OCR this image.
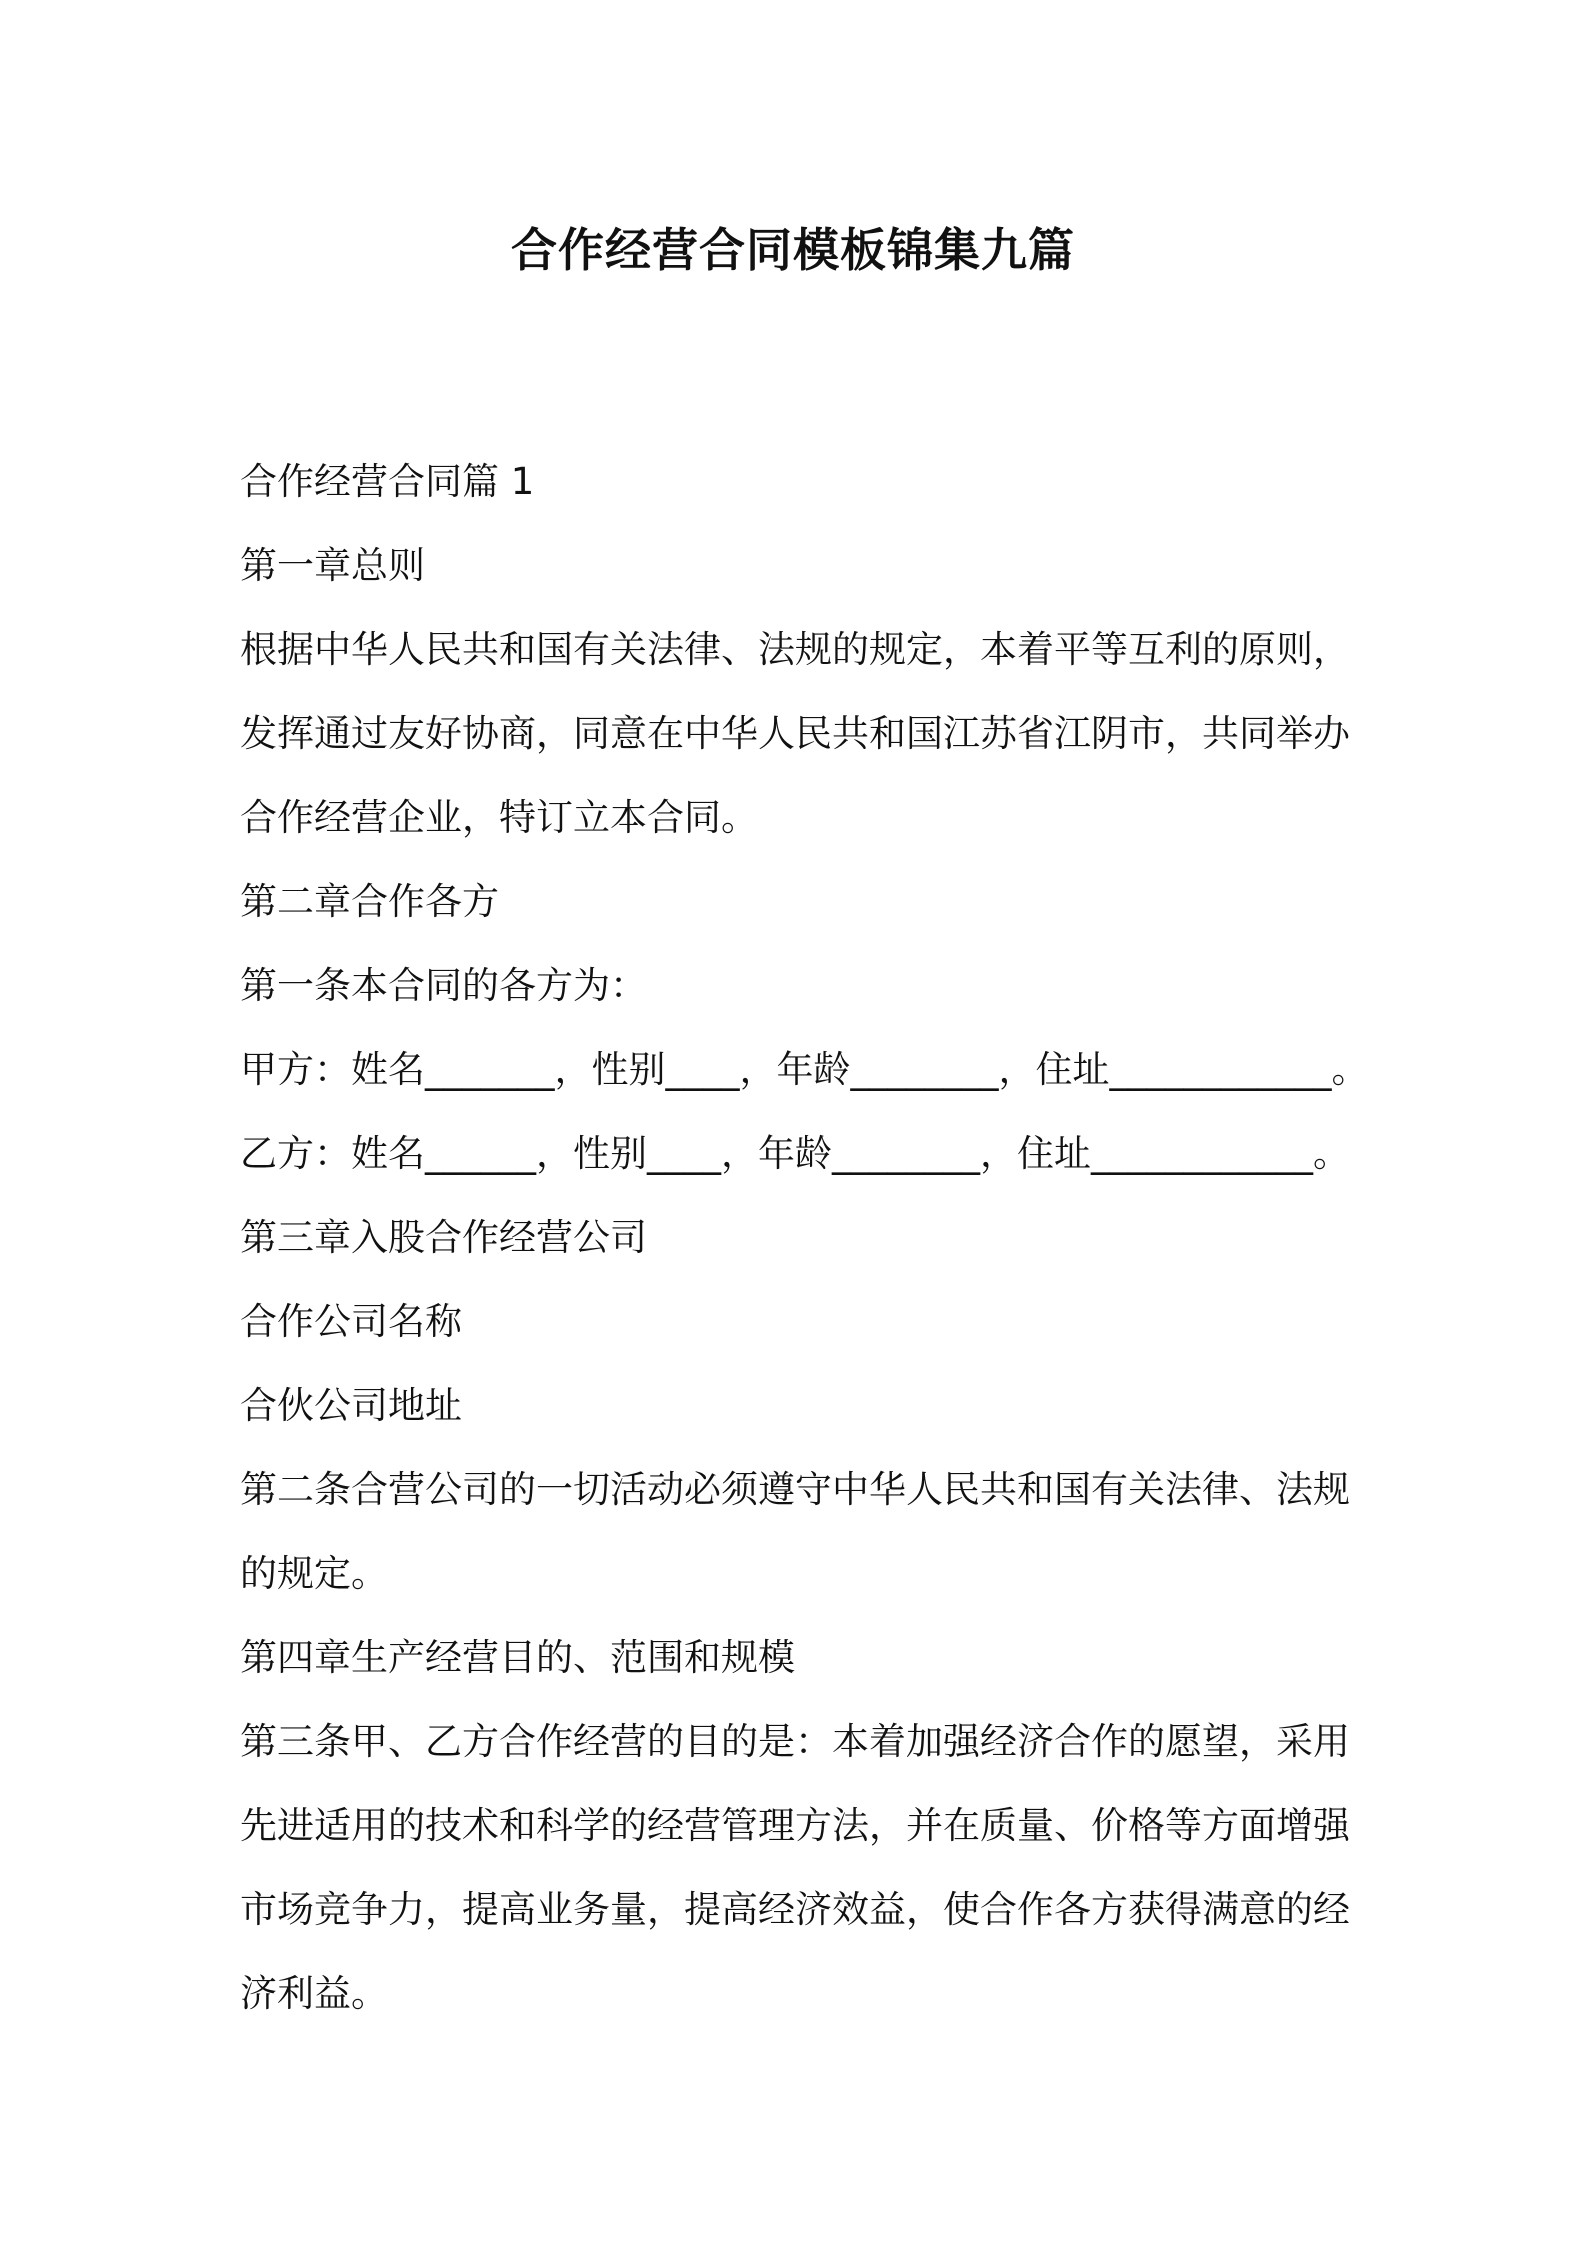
合作经营合同模板锦集九篇

合作经营合同篇 1

第一章总则

根据中华人民共和国有关法律、法规的规定，本着平等互利的原则，

发挥通过友好协商，同意在中华人民共和国江苏省江阴市，共同举办

合作经营企业，特订立本合同。

第二章合作各方

第一条本合同的各方为：

甲方：姓名_______，性别____，年龄________，住址____________。

乙方：姓名______，性别____，年龄________，住址____________。

第三章入股合作经营公司

合作公司名称

合伙公司地址

第二条合营公司的一切活动必须遵守中华人民共和国有关法律、法规

的规定。

第四章生产经营目的、范围和规模

第三条甲、乙方合作经营的目的是：本着加强经济合作的愿望，采用

先进适用的技术和科学的经营管理方法，并在质量、价格等方面增强

市场竞争力，提高业务量，提高经济效益，使合作各方获得满意的经

济利益。
